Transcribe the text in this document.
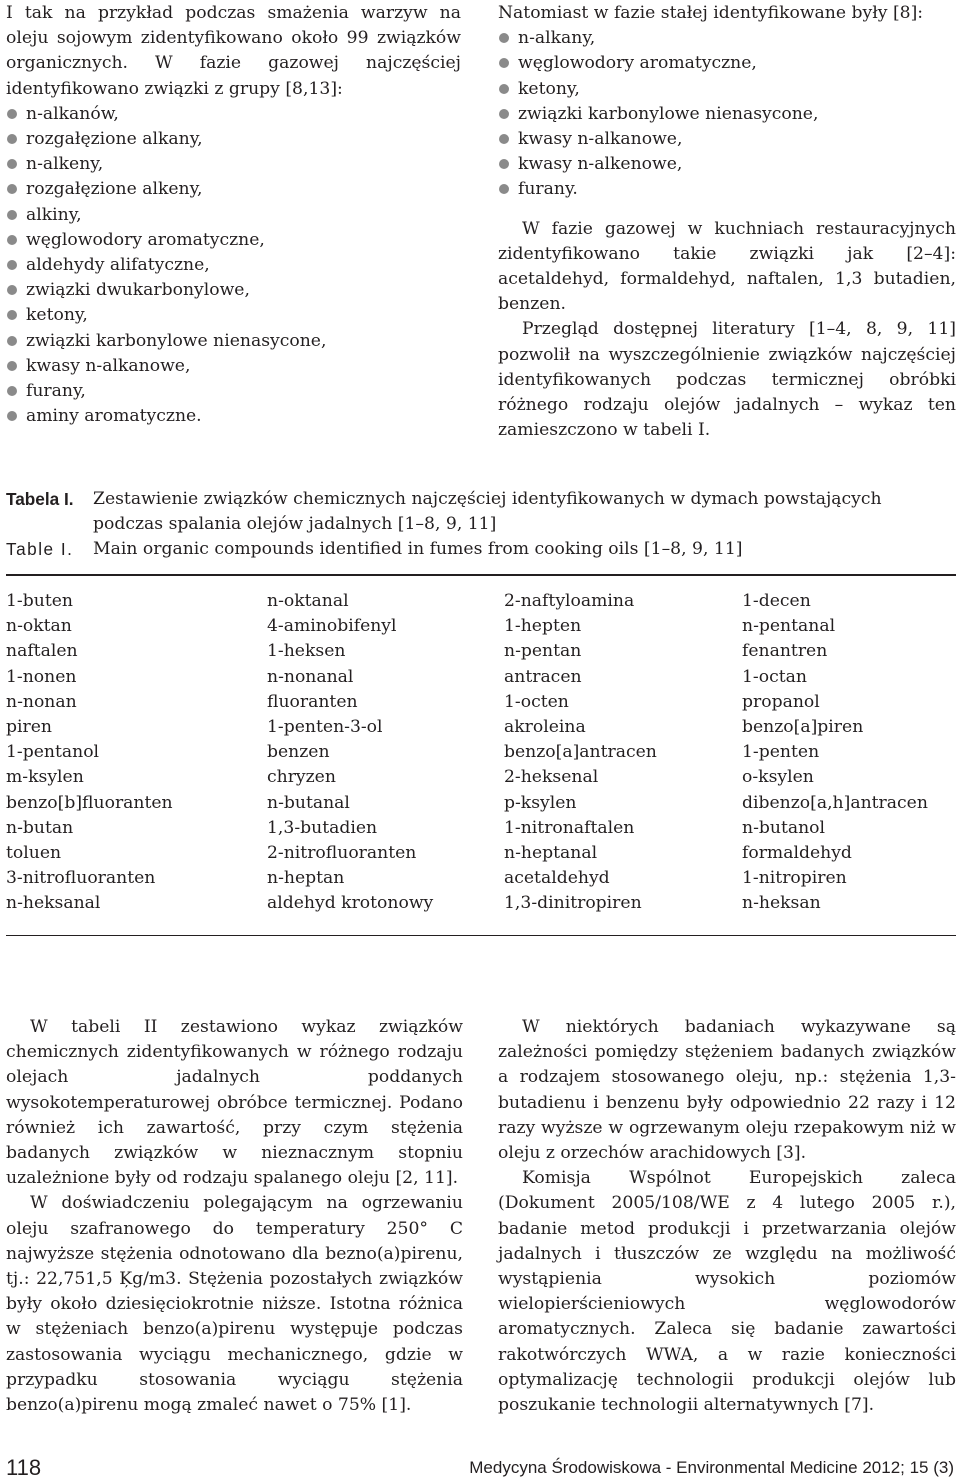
I tak na przykład podczas smażenia warzyw na oleju sojowym zidentyfikowano około 99 związków organicznych. W fazie gazowej najczęściej identyfikowano związki z grupy [8,13]:

n-alkanów,
rozgałęzione alkany,
n-alkeny,
rozgałęzione alkeny,
alkiny,
węglowodory aromatyczne,
aldehydy alifatyczne,
związki dwukarbonylowe,
ketony,
związki karbonylowe nienasycone,
kwasy n-alkanowe,
furany,
aminy aromatyczne.

Natomiast w fazie stałej identyfikowane były [8]:

n-alkany,
węglowodory aromatyczne,
ketony,
związki karbonylowe nienasycone,
kwasy n-alkanowe,
kwasy n-alkenowe,
furany.

W fazie gazowej w kuchniach restauracyjnych zidentyfikowano takie związki jak [2–4]: acetaldehyd, formaldehyd, naftalen, 1,3 butadien, benzen.

Przegląd dostępnej literatury [1–4, 8, 9, 11] pozwolił na wyszczególnienie związków najczęściej identyfikowanych podczas termicznej obróbki różnego rodzaju olejów jadalnych – wykaz ten zamieszczono w tabeli I.

Tabela I. Zestawienie związków chemicznych najczęściej identyfikowanych w dymach powstających podczas spalania olejów jadalnych [1–8, 9, 11]
Table I. Main organic compounds identified in fumes from cooking oils [1–8, 9, 11]
1-buten
n-oktan
naftalen
1-nonen
n-nonan
piren
1-pentanol
m-ksylen
benzo[b]fluoranten
n-butan
toluen
3-nitrofluoranten
n-heksanal
n-oktanal
4-aminobifenyl
1-heksen
n-nonanal
fluoranten
1-penten-3-ol
benzen
chryzen
n-butanal
1,3-butadien
2-nitrofluoranten
n-heptan
aldehyd krotonowy
2-naftyloamina
1-hepten
n-pentan
antracen
1-octen
akroleina
benzo[a]antracen
2-heksenal
p-ksylen
1-nitronaftalen
n-heptanal
acetaldehyd
1,3-dinitropiren
1-decen
n-pentanal
fenantren
1-octan
propanol
benzo[a]piren
1-penten
o-ksylen
dibenzo[a,h]antracen
n-butanol
formaldehyd
1-nitropiren
n-heksan

W tabeli II zestawiono wykaz związków chemicznych zidentyfikowanych w różnego rodzaju olejach jadalnych poddanych wysokotemperaturowej obróbce termicznej. Podano również ich zawartość, przy czym stężenia badanych związków w nieznacznym stopniu uzależnione były od rodzaju spalanego oleju [2, 11].

W doświadczeniu polegającym na ogrzewaniu oleju szafranowego do temperatury 250° C najwyższe stężenia odnotowano dla bezno(a)pirenu, tj.: 22,751,5 Ķg/m3. Stężenia pozostałych związków były około dziesięciokrotnie niższe. Istotna różnica w stężeniach benzo(a)pirenu występuje podczas zastosowania wyciągu mechanicznego, gdzie w przypadku stosowania wyciągu stężenia benzo(a)pirenu mogą zmaleć nawet o 75% [1].

W niektórych badaniach wykazywane są zależności pomiędzy stężeniem badanych związków a rodzajem stosowanego oleju, np.: stężenia 1,3-butadienu i benzenu były odpowiednio 22 razy i 12 razy wyższe w ogrzewanym oleju rzepakowym niż w oleju z orzechów arachidowych [3].

Komisja Wspólnot Europejskich zaleca (Dokument 2005/108/WE z 4 lutego 2005 r.), badanie metod produkcji i przetwarzania olejów jadalnych i tłuszczów ze względu na możliwość wystąpienia wysokich poziomów wielopierścieniowych węglowodorów aromatycznych. Zaleca się badanie zawartości rakotwórczych WWA, a w razie konieczności optymalizację technologii produkcji olejów lub poszukanie technologii alternatywnych [7].

118	Medycyna Środowiskowa - Environmental Medicine 2012; 15 (3)
